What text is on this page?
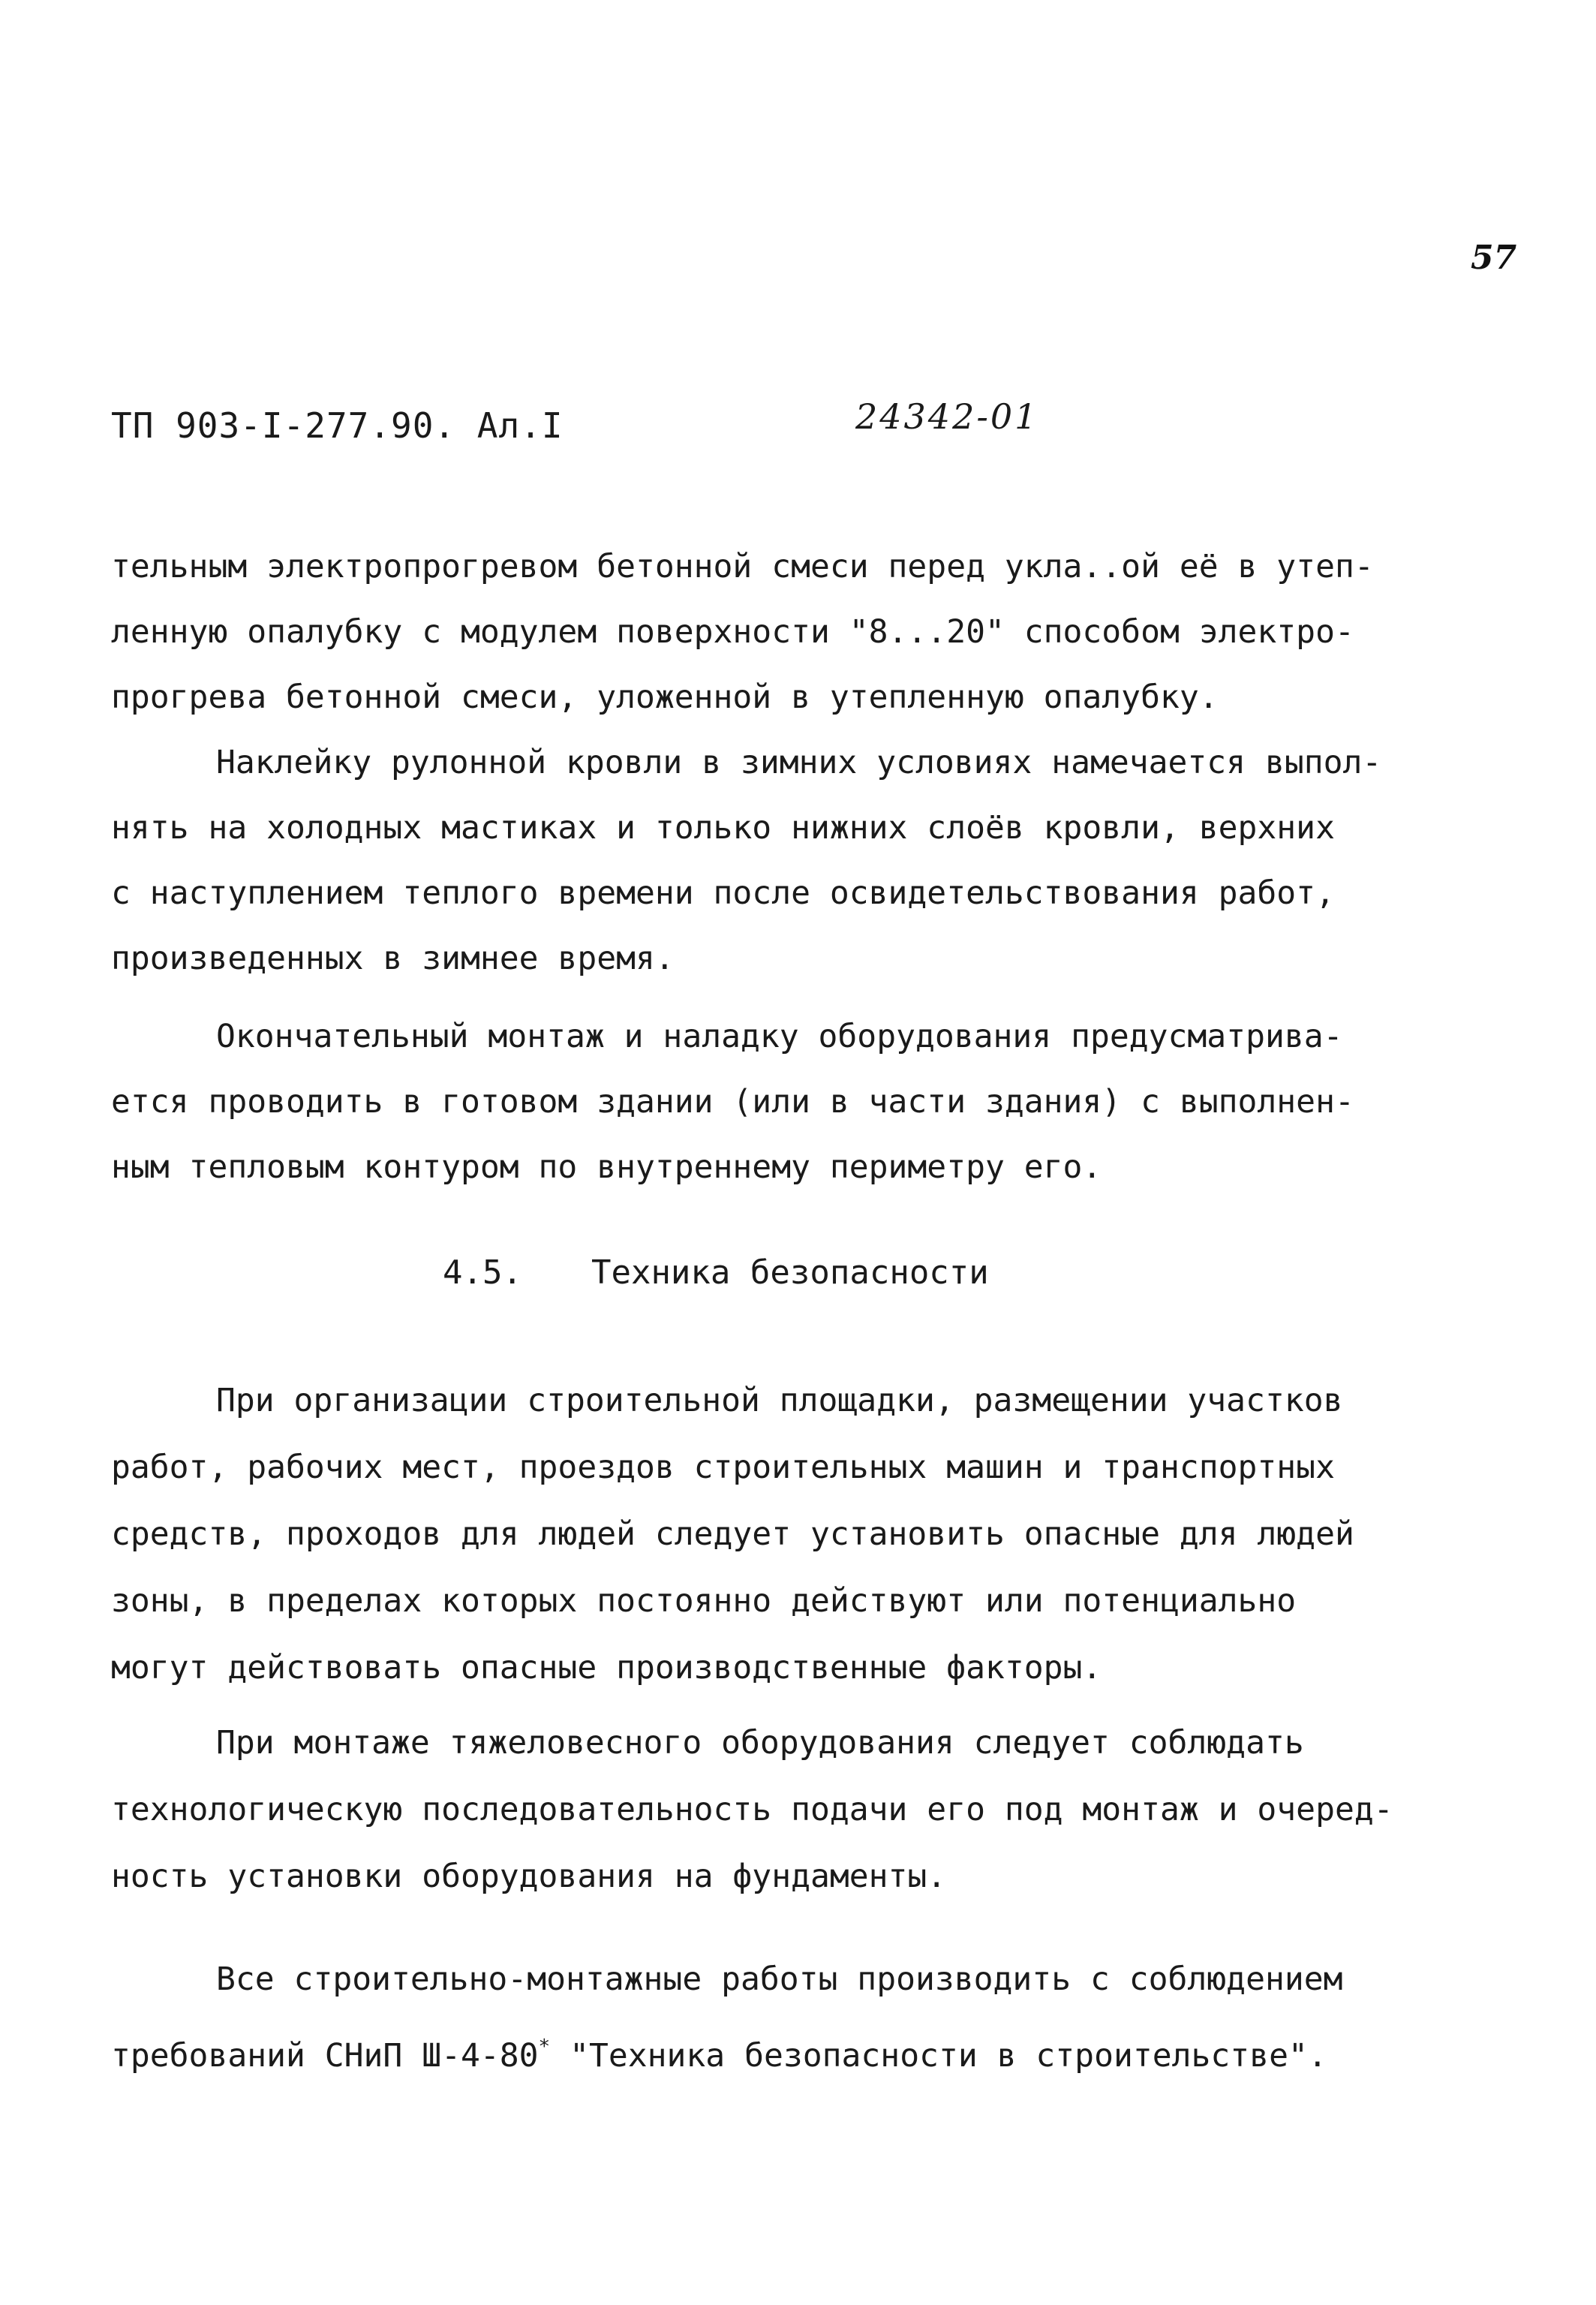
57
ТП 903-I-277.90. Ал.I	24342-01
тельным электропрогревом бетонной смеси перед укла..ой её в утеп-
ленную опалубку с модулем поверхности "8...20" способом электро-
прогрева бетонной смеси, уложенной в утепленную опалубку.
Наклейку рулонной кровли в зимних условиях намечается выпол-
нять на холодных мастиках и только нижних слоёв кровли, верхних
с наступлением теплого времени после освидетельствования работ,
произведенных в зимнее время.
Окончательный монтаж и наладку оборудования предусматрива-
ется проводить в готовом здании (или в части здания) с выполнен-
ным тепловым контуром по внутреннему периметру его.
4.5. Техника безопасности
При организации строительной площадки, размещении участков
работ, рабочих мест, проездов строительных машин и транспортных
средств, проходов для людей следует установить опасные для людей
зоны, в пределах которых постоянно действуют или потенциально
могут действовать опасные производственные факторы.
При монтаже тяжеловесного оборудования следует соблюдать
технологическую последовательность подачи его под монтаж и очеред-
ность установки оборудования на фундаменты.
Все строительно-монтажные работы производить с соблюдением
требований СНиП Ш-4-80* "Техника безопасности в строительстве".
